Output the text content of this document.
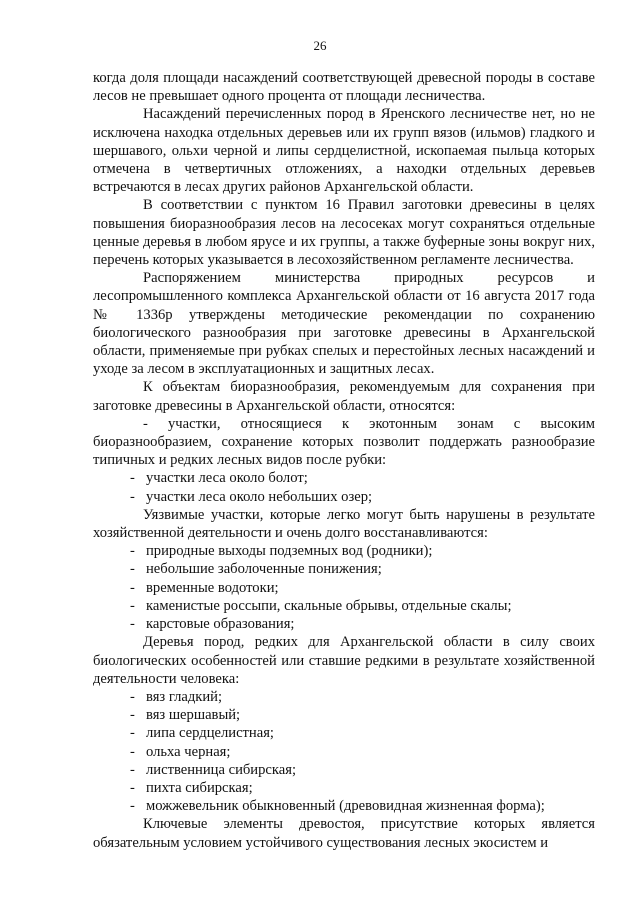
26

когда доля площади насаждений соответствующей древесной породы в составе лесов не превышает одного процента от площади лесничества.

Насаждений перечисленных пород в Яренского лесничестве нет, но не исключена находка отдельных деревьев или их групп вязов (ильмов) гладкого и шершавого, ольхи черной и липы сердцелистной, ископаемая пыльца которых отмечена в четвертичных отложениях, а находки отдельных деревьев встречаются в лесах других районов Архангельской области.

В соответствии с пунктом 16 Правил заготовки древесины в целях повышения биоразнообразия лесов на лесосеках могут сохраняться отдельные ценные деревья в любом ярусе и их группы, а также буферные зоны вокруг них, перечень которых указывается в лесохозяйственном регламенте лесничества.

Распоряжением министерства природных ресурсов и лесопромышленного комплекса Архангельской области от 16 августа 2017 года № 1336р утверждены методические рекомендации по сохранению биологического разнообразия при заготовке древесины в Архангельской области, применяемые при рубках спелых и перестойных лесных насаждений и уходе за лесом в эксплуатационных и защитных лесах.

К объектам биоразнообразия, рекомендуемым для сохранения при заготовке древесины в Архангельской области, относятся:

- участки, относящиеся к экотонным зонам с высоким биоразнообразием, сохранение которых позволит поддержать разнообразие типичных и редких лесных видов после рубки:

- участки леса около болот;
- участки леса около небольших озер;

Уязвимые участки, которые легко могут быть нарушены в результате хозяйственной деятельности и очень долго восстанавливаются:

- природные выходы подземных вод (родники);
- небольшие заболоченные понижения;
- временные водотоки;
- каменистые россыпи, скальные обрывы, отдельные скалы;
- карстовые образования;

Деревья пород, редких для Архангельской области в силу своих биологических особенностей или ставшие редкими в результате хозяйственной деятельности человека:

- вяз гладкий;
- вяз шершавый;
- липа сердцелистная;
- ольха черная;
- лиственница сибирская;
- пихта сибирская;
- можжевельник обыкновенный (древовидная жизненная форма);

Ключевые элементы древостоя, присутствие которых является обязательным условием устойчивого существования лесных экосистем и
